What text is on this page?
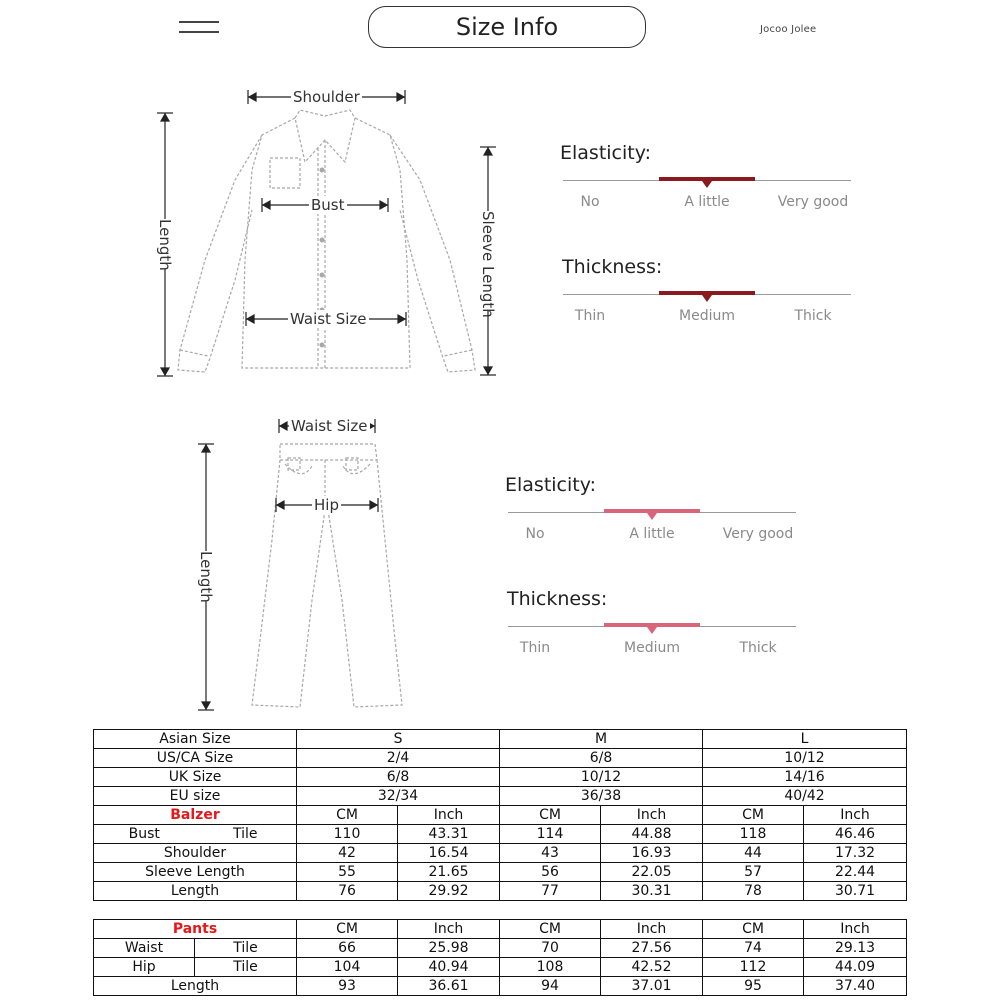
Size Info	Jocoo Jolee
Shoulder
Bust
Waist Size
Length	Sleeve Length
Elasticity:
No	A little	Very good
Thickness:
Thin	Medium	Thick
Waist Size
Hip
Length
Elasticity:
No	A little	Very good
Thickness:
Thin	Medium	Thick
Asian Size		S		M		L	
US/CA Size		2/4		6/8		10/12	
UK Size		6/8		10/12		14/16	
EU size		32/34		36/38		40/42	
Balzer		CM	Inch	CM	Inch	CM	Inch
Bust	Tile	110	43.31	114	44.88	118	46.46
Shoulder		42	16.54	43	16.93	44	17.32
Sleeve Length		55	21.65	56	22.05	57	22.44
Length		76	29.92	77	30.31	78	30.71
Pants		CM	Inch	CM	Inch	CM	Inch
Waist	Tile	66	25.98	70	27.56	74	29.13
Hip	Tile	104	40.94	108	42.52	112	44.09
Length		93	36.61	94	37.01	95	37.40
